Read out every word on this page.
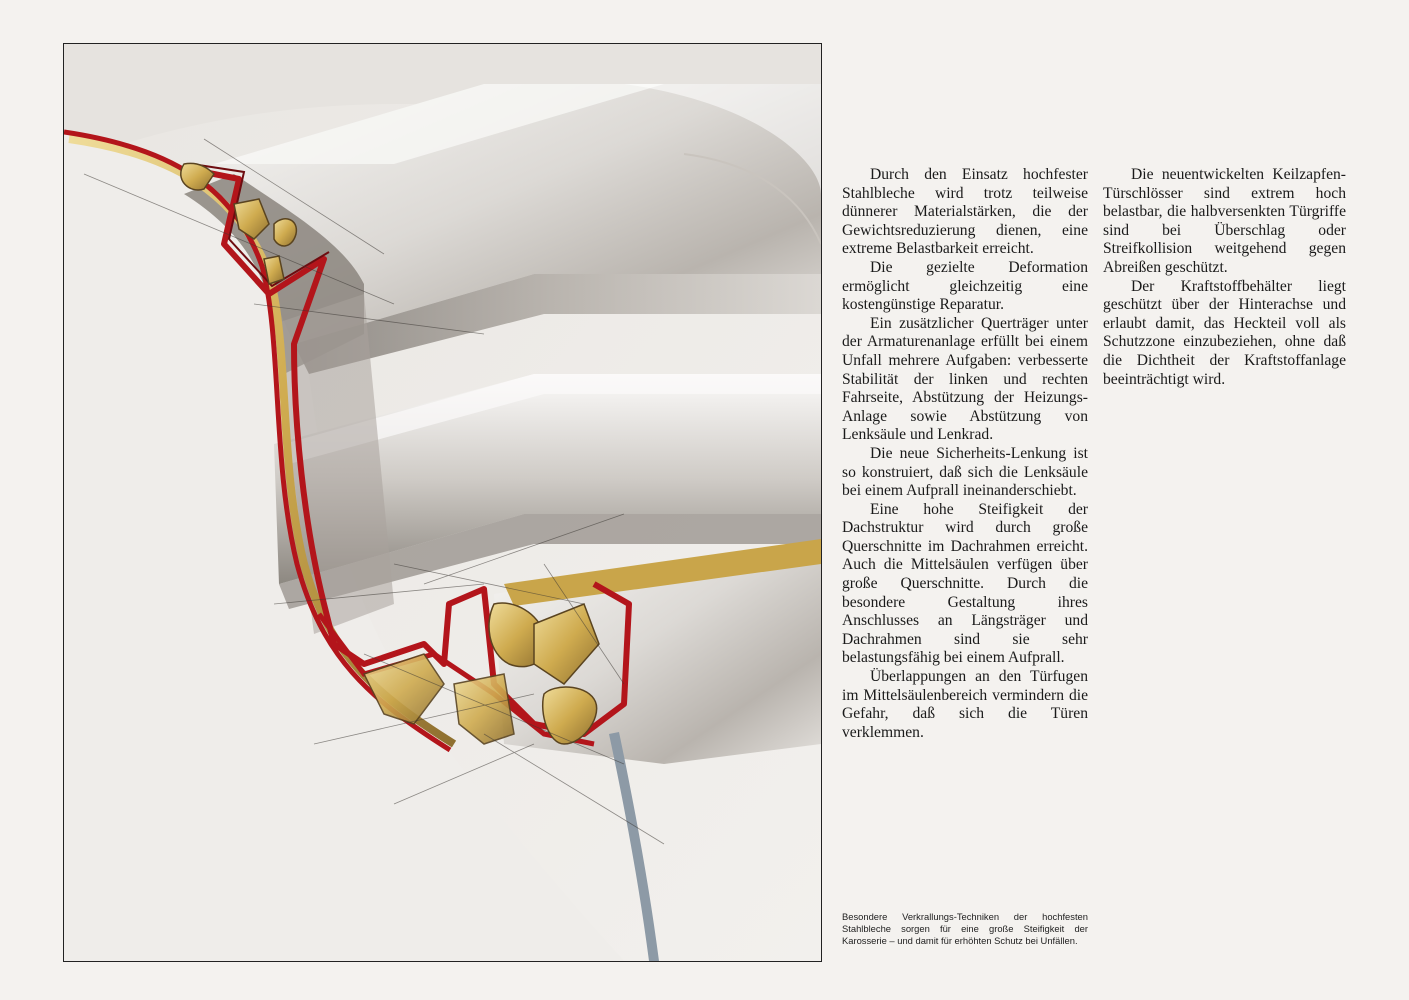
Durch den Einsatz hochfester Stahlbleche wird trotz teilweise dünnerer Materialstärken, die der Gewichtsreduzierung dienen, eine extreme Belastbarkeit erreicht.

Die gezielte Deformation ermöglicht gleichzeitig eine kostengünstige Reparatur.

Ein zusätzlicher Querträger unter der Armaturenanlage erfüllt bei einem Unfall mehrere Aufgaben: verbesserte Stabilität der linken und rechten Fahrseite, Abstützung der Heizungs-Anlage sowie Abstützung von Lenksäule und Lenkrad.

Die neue Sicherheits-Lenkung ist so konstruiert, daß sich die Lenksäule bei einem Aufprall ineinanderschiebt.

Eine hohe Steifigkeit der Dachstruktur wird durch große Querschnitte im Dachrahmen erreicht. Auch die Mittelsäulen verfügen über große Querschnitte. Durch die besondere Gestaltung ihres Anschlusses an Längsträger und Dachrahmen sind sie sehr belastungsfähig bei einem Aufprall.

Überlappungen an den Türfugen im Mittelsäulenbereich vermindern die Gefahr, daß sich die Türen verklemmen.

Die neuentwickelten Keilzapfen-Türschlösser sind extrem hoch belastbar, die halbversenkten Türgriffe sind bei Überschlag oder Streifkollision weitgehend gegen Abreißen geschützt.

Der Kraftstoffbehälter liegt geschützt über der Hinterachse und erlaubt damit, das Heckteil voll als Schutzzone einzubeziehen, ohne daß die Dichtheit der Kraftstoffanlage beeinträchtigt wird.

Besondere Verkrallungs-Techniken der hochfesten Stahlbleche sorgen für eine große Steifigkeit der Karosserie – und damit für erhöhten Schutz bei Unfällen.
